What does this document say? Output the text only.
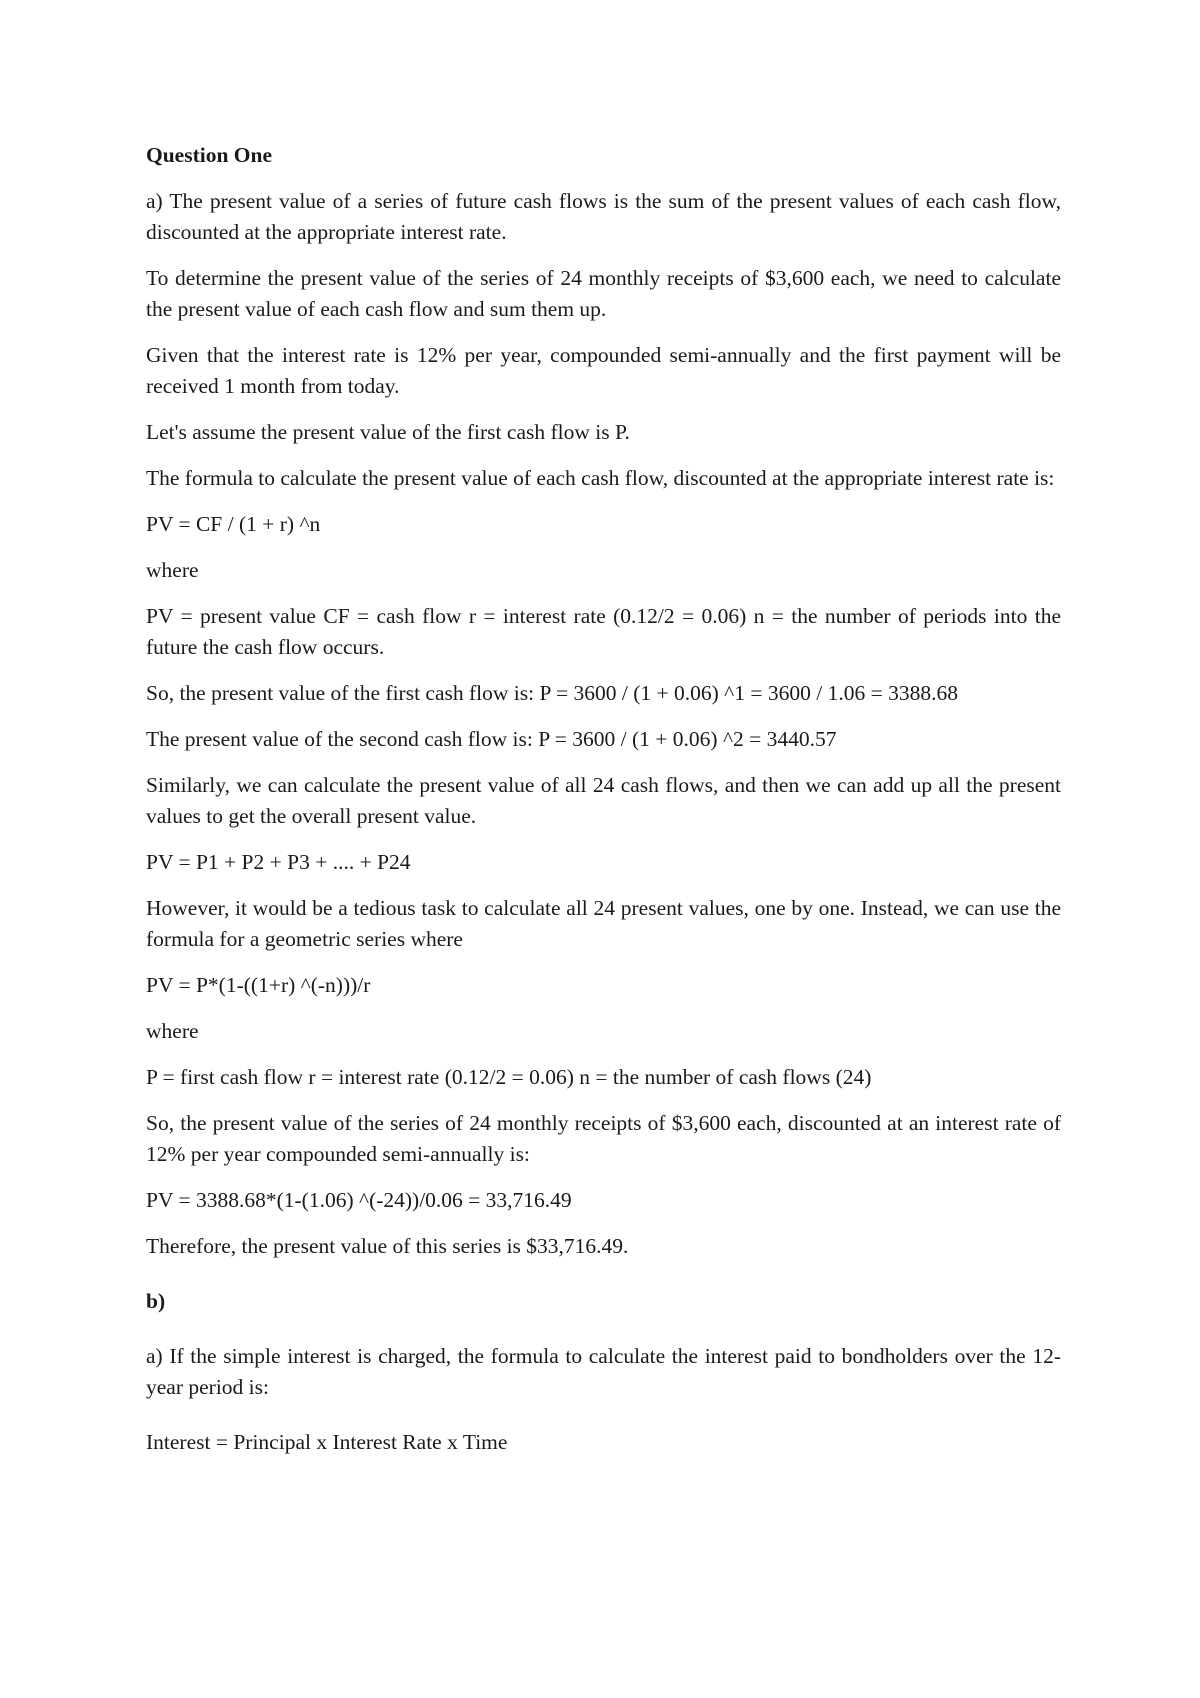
Question One

a) The present value of a series of future cash flows is the sum of the present values of each cash flow, discounted at the appropriate interest rate.

To determine the present value of the series of 24 monthly receipts of $3,600 each, we need to calculate the present value of each cash flow and sum them up.

Given that the interest rate is 12% per year, compounded semi-annually and the first payment will be received 1 month from today.

Let's assume the present value of the first cash flow is P.

The formula to calculate the present value of each cash flow, discounted at the appropriate interest rate is:

PV = CF / (1 + r) ^n

where

PV = present value CF = cash flow r = interest rate (0.12/2 = 0.06) n = the number of periods into the future the cash flow occurs.

So, the present value of the first cash flow is: P = 3600 / (1 + 0.06) ^1 = 3600 / 1.06 = 3388.68

The present value of the second cash flow is: P = 3600 / (1 + 0.06) ^2 = 3440.57

Similarly, we can calculate the present value of all 24 cash flows, and then we can add up all the present values to get the overall present value.

PV = P1 + P2 + P3 + .... + P24

However, it would be a tedious task to calculate all 24 present values, one by one. Instead, we can use the formula for a geometric series where

PV = P*(1-((1+r) ^(-n)))/r

where

P = first cash flow r = interest rate (0.12/2 = 0.06) n = the number of cash flows (24)

So, the present value of the series of 24 monthly receipts of $3,600 each, discounted at an interest rate of 12% per year compounded semi-annually is:

PV = 3388.68*(1-(1.06) ^(-24))/0.06 = 33,716.49

Therefore, the present value of this series is $33,716.49.

b)

a) If the simple interest is charged, the formula to calculate the interest paid to bondholders over the 12-year period is:

Interest = Principal x Interest Rate x Time
